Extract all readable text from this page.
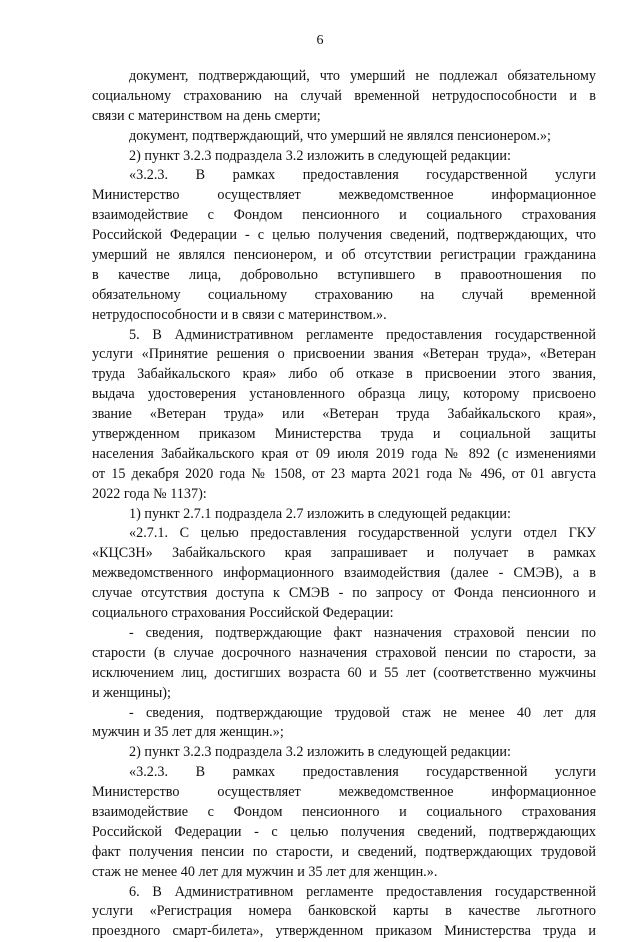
6
документ, подтверждающий, что умерший не подлежал обязательному
социальному страхованию на случай временной нетрудоспособности и в
связи с материнством на день смерти;
документ, подтверждающий, что умерший не являлся пенсионером.»;
2) пункт 3.2.3 подраздела 3.2 изложить в следующей редакции:
«3.2.3. В рамках предоставления государственной услуги
Министерство осуществляет межведомственное информационное
взаимодействие с Фондом пенсионного и социального страхования
Российской Федерации - с целью получения сведений, подтверждающих, что
умерший не являлся пенсионером, и об отсутствии регистрации гражданина
в качестве лица, добровольно вступившего в правоотношения по
обязательному социальному страхованию на случай временной
нетрудоспособности и в связи с материнством.».
5. В Административном регламенте предоставления государственной
услуги «Принятие решения о присвоении звания «Ветеран труда», «Ветеран
труда Забайкальского края» либо об отказе в присвоении этого звания,
выдача удостоверения установленного образца лицу, которому присвоено
звание «Ветеран труда» или «Ветеран труда Забайкальского края»,
утвержденном приказом Министерства труда и социальной защиты
населения Забайкальского края от 09 июля 2019 года № 892 (с изменениями
от 15 декабря 2020 года № 1508, от 23 марта 2021 года № 496, от 01 августа
2022 года № 1137):
1) пункт 2.7.1 подраздела 2.7 изложить в следующей редакции:
«2.7.1. С целью предоставления государственной услуги отдел ГКУ
«КЦСЗН» Забайкальского края запрашивает и получает в рамках
межведомственного информационного взаимодействия (далее - СМЭВ), а в
случае отсутствия доступа к СМЭВ - по запросу от Фонда пенсионного и
социального страхования Российской Федерации:
- сведения, подтверждающие факт назначения страховой пенсии по
старости (в случае досрочного назначения страховой пенсии по старости, за
исключением лиц, достигших возраста 60 и 55 лет (соответственно мужчины
и женщины);
- сведения, подтверждающие трудовой стаж не менее 40 лет для
мужчин и 35 лет для женщин.»;
2) пункт 3.2.3 подраздела 3.2 изложить в следующей редакции:
«3.2.3. В рамках предоставления государственной услуги
Министерство осуществляет межведомственное информационное
взаимодействие с Фондом пенсионного и социального страхования
Российской Федерации - с целью получения сведений, подтверждающих
факт получения пенсии по старости, и сведений, подтверждающих трудовой
стаж не менее 40 лет для мужчин и 35 лет для женщин.».
6. В Административном регламенте предоставления государственной
услуги «Регистрация номера банковской карты в качестве льготного
проездного смарт-билета», утвержденном приказом Министерства труда и
